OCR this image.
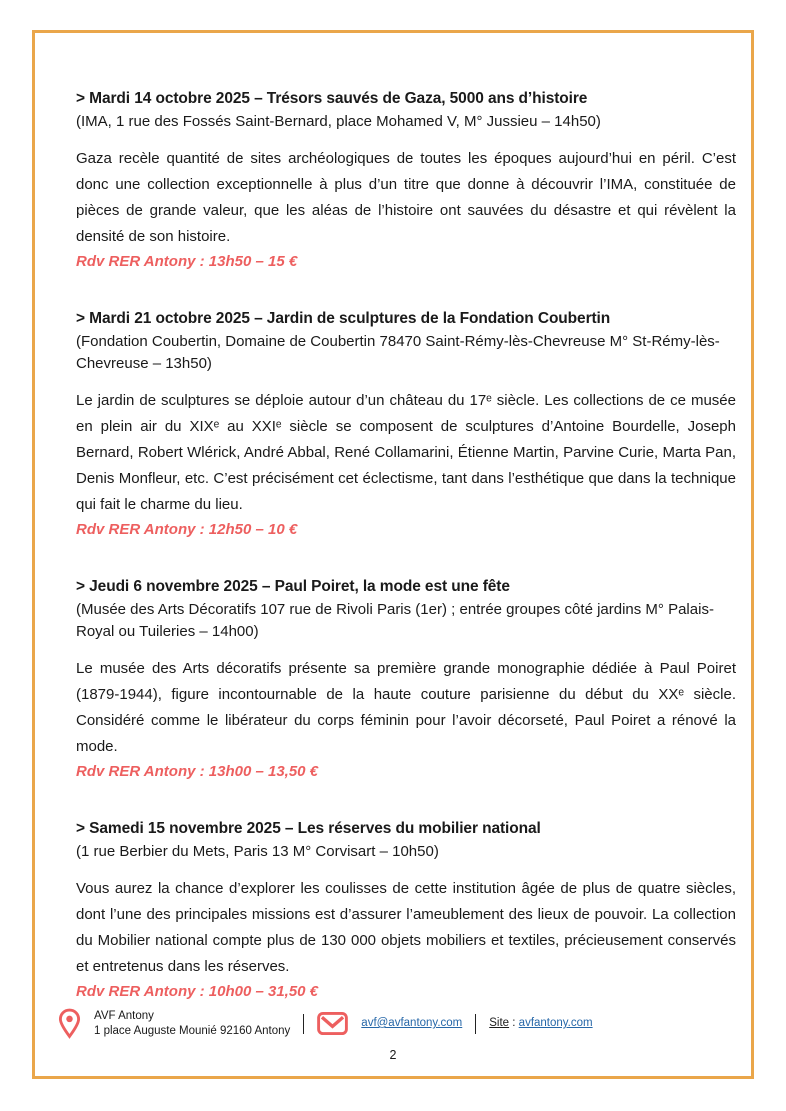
> Mardi 14 octobre 2025 – Trésors sauvés de Gaza, 5000 ans d’histoire

(IMA, 1 rue des Fossés Saint-Bernard, place Mohamed V, M° Jussieu – 14h50)

Gaza recèle quantité de sites archéologiques de toutes les époques aujourd’hui en péril. C’est donc une collection exceptionnelle à plus d’un titre que donne à découvrir l’IMA, constituée de pièces de grande valeur, que les aléas de l’histoire ont sauvées du désastre et qui révèlent la densité de son histoire.

Rdv RER Antony : 13h50 – 15 €

> Mardi 21 octobre 2025 – Jardin de sculptures de la Fondation Coubertin

(Fondation Coubertin, Domaine de Coubertin 78470 Saint-Rémy-lès-Chevreuse M° St-Rémy-lès-Chevreuse – 13h50)

Le jardin de sculptures se déploie autour d’un château du 17ᵉ siècle. Les collections de ce musée en plein air du XIXᵉ au XXIᵉ siècle se composent de sculptures d’Antoine Bourdelle, Joseph Bernard, Robert Wlérick, André Abbal, René Collamarini, Étienne Martin, Parvine Curie, Marta Pan, Denis Monfleur, etc. C’est précisément cet éclectisme, tant dans l’esthétique que dans la technique qui fait le charme du lieu.

Rdv RER Antony : 12h50 – 10 €

> Jeudi 6 novembre 2025 – Paul Poiret, la mode est une fête

(Musée des Arts Décoratifs 107 rue de Rivoli Paris (1er) ; entrée groupes côté jardins M° Palais-Royal ou Tuileries – 14h00)

Le musée des Arts décoratifs présente sa première grande monographie dédiée à Paul Poiret (1879-1944), figure incontournable de la haute couture parisienne du début du XXᵉ siècle. Considéré comme le libérateur du corps féminin pour l’avoir décorseté, Paul Poiret a rénové la mode.

Rdv RER Antony : 13h00 – 13,50 €

> Samedi 15 novembre 2025 – Les réserves du mobilier national

(1 rue Berbier du Mets, Paris 13 M° Corvisart – 10h50)

Vous aurez la chance d’explorer les coulisses de cette institution âgée de plus de quatre siècles, dont l’une des principales missions est d’assurer l’ameublement des lieux de pouvoir. La collection du Mobilier national compte plus de 130 000 objets mobiliers et textiles, précieusement conservés et entretenus dans les réserves.

Rdv RER Antony : 10h00 – 31,50 €

AVF Antony
1 place Auguste Mounié 92160 Antony
avf@avfantony.com Site : avfantony.com
2
